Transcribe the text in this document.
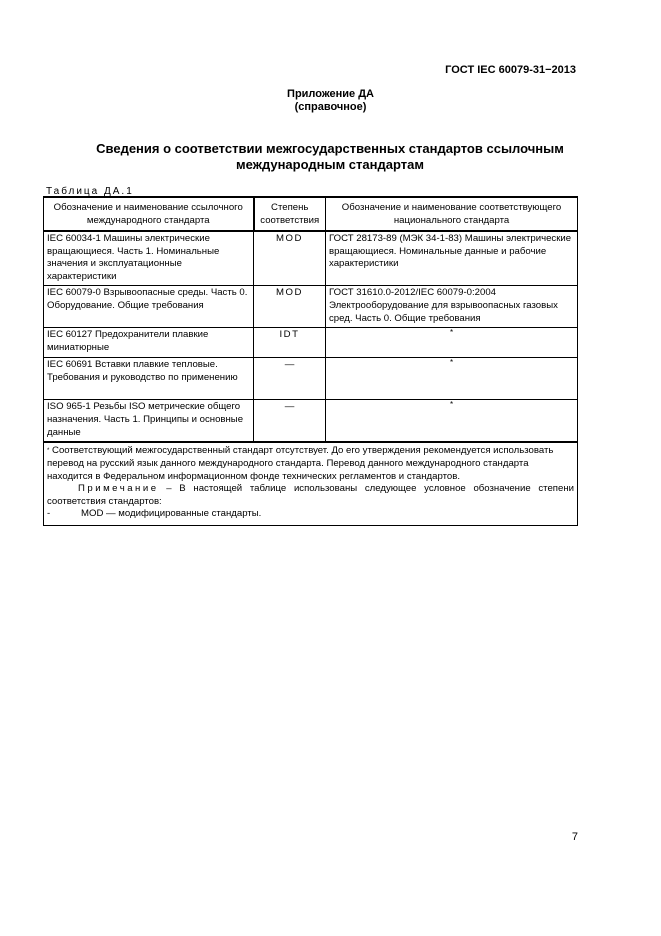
ГОСТ IEC 60079-31−2013
Приложение ДА
(справочное)
Сведения о соответствии межгосударственных стандартов ссылочным международным стандартам
Таблица ДА.1
Обозначение и наименование ссылочного международного стандарта	Степень соответствия	Обозначение и наименование соответствующего национального стандарта
IEC 60034-1 Машины электрические вращающиеся. Часть 1. Номинальные значения и эксплуатационные характеристики	MOD	ГОСТ 28173-89 (МЭК 34-1-83) Машины электрические вращающиеся. Номинальные данные и рабочие характеристики
IEC 60079-0 Взрывоопасные среды. Часть 0. Оборудование. Общие требования	MOD	ГОСТ 31610.0-2012/IEC 60079-0:2004 Электрооборудование для взрывоопасных газовых сред. Часть 0. Общие требования
IEC 60127 Предохранители плавкие миниатюрные	IDT	*
IEC 60691 Вставки плавкие тепловые. Требования и руководство по применению	—	*
ISO 965-1 Резьбы ISO метрические общего назначения. Часть 1. Принципы и основные данные	—	*

* Соответствующий межгосударственный стандарт отсутствует. До его утверждения рекомендуется использовать перевод на русский язык данного международного стандарта. Перевод данного международного стандарта находится в Федеральном информационном фонде технических регламентов и стандартов.
Примечание – В настоящей таблице использованы следующее условное обозначение степени соответствия стандартов:
- MOD — модифицированные стандарты.		
7
